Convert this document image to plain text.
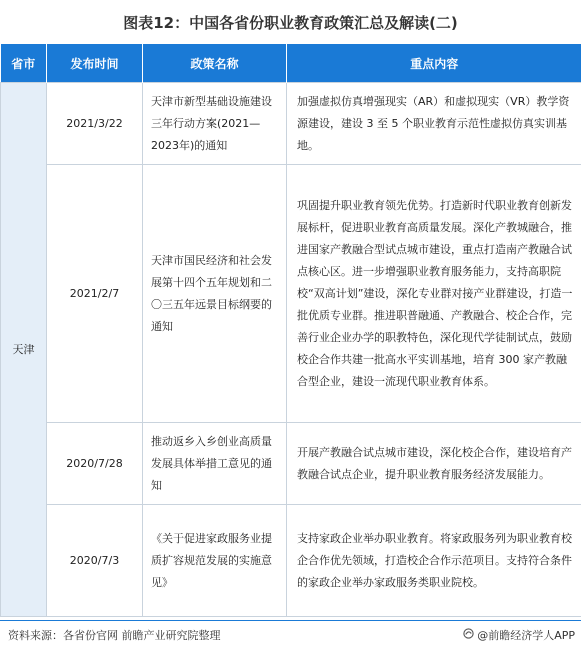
图表12：中国各省份职业教育政策汇总及解读(二)
省市	发布时间	政策名称	重点内容
天津	2021/3/22	天津市新型基础设施建设三年行动方案(2021—2023年)的通知	加强虚拟仿真增强现实（AR）和虚拟现实（VR）教学资源建设，建设 3 至 5 个职业教育示范性虚拟仿真实训基地。

	2021/2/7	天津市国民经济和社会发展第十四个五年规划和二〇三五年远景目标纲要的通知	巩固提升职业教育领先优势。打造新时代职业教育创新发展标杆，促进职业教育高质量发展。深化产教城融合，推进国家产教融合型试点城市建设，重点打造南产教融合试点核心区。进一步增强职业教育服务能力，支持高职院校“双高计划”建设，深化专业群对接产业群建设，打造一批优质专业群。推进职普融通、产教融合、校企合作，完善行业企业办学的职教特色，深化现代学徒制试点，鼓励校企合作共建一批高水平实训基地，培育 300 家产教融合型企业，建设一流现代职业教育体系。

	2020/7/28	推动返乡入乡创业高质量发展具体举措工意见的通知	开展产教融合试点城市建设，深化校企合作，建设培育产教融合试点企业，提升职业教育服务经济发展能力。

	2020/7/3	《关于促进家政服务业提质扩容规范发展的实施意见》	支持家政企业举办职业教育。将家政服务列为职业教育校企合作优先领域，打造校企合作示范项目。支持符合条件的家政企业举办家政服务类职业院校。
资料来源：各省份官网 前瞻产业研究院整理	@前瞻经济学人APP
